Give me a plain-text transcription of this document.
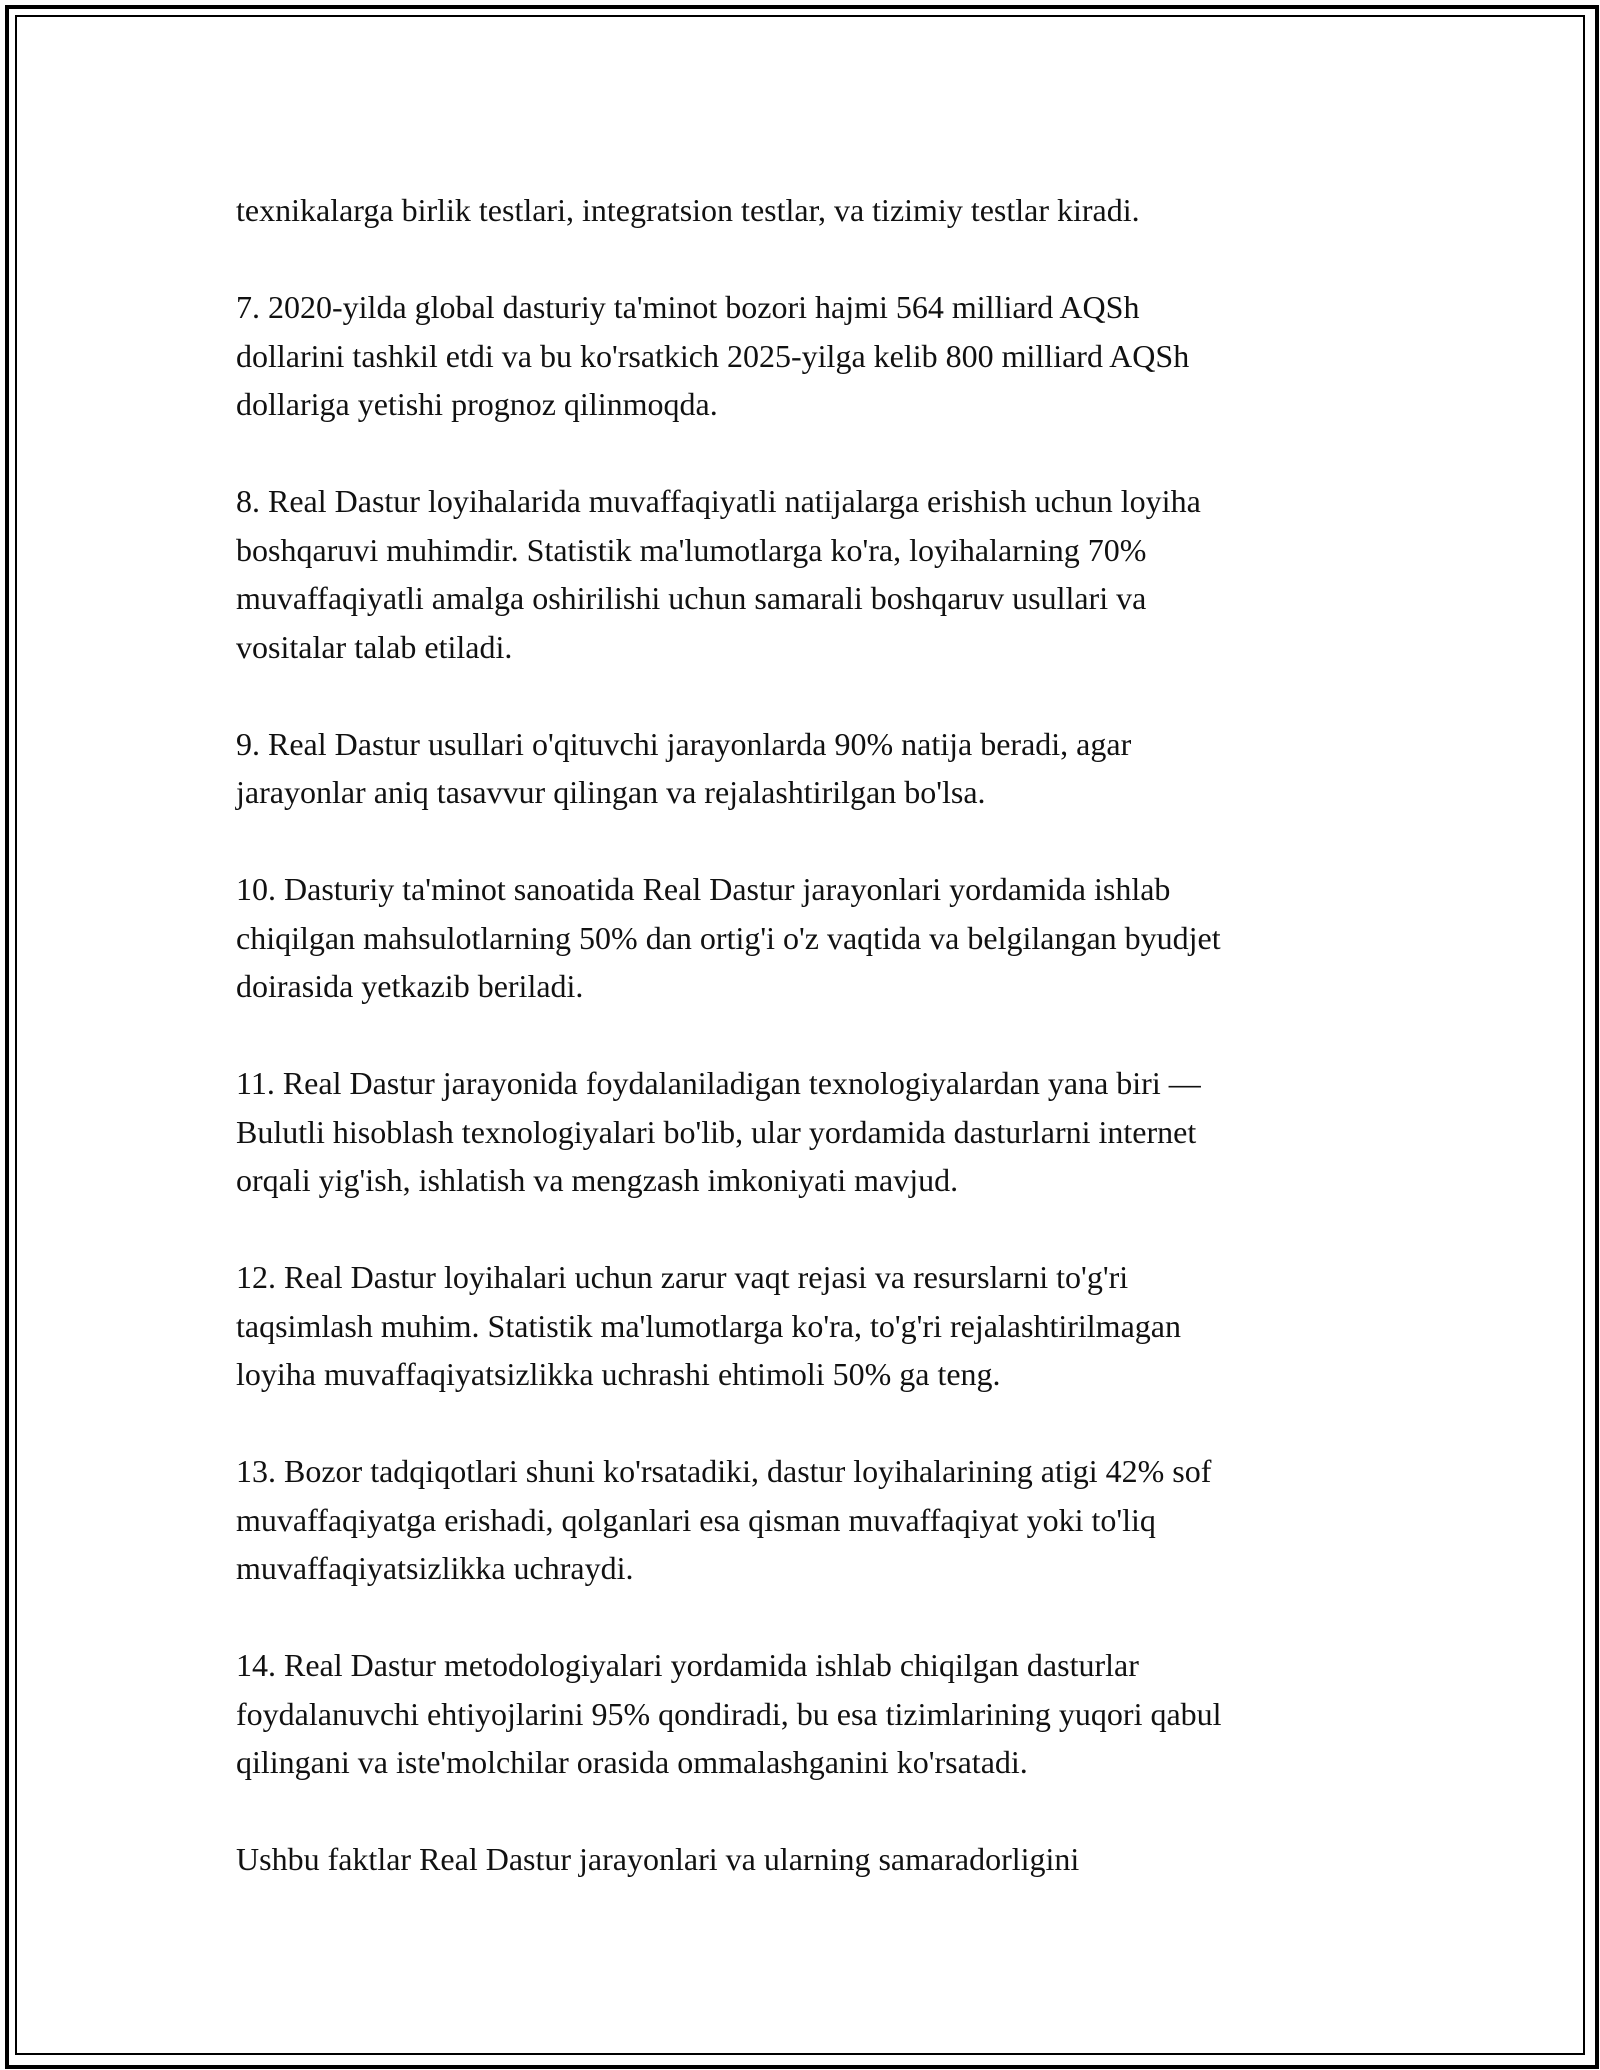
texnikalarga birlik testlari, integratsion testlar, va tizimiy testlar kiradi.

7. 2020-yilda global dasturiy ta'minot bozori hajmi 564 milliard AQSh
dollarini tashkil etdi va bu ko'rsatkich 2025-yilga kelib 800 milliard AQSh
dollariga yetishi prognoz qilinmoqda.

8. Real Dastur loyihalarida muvaffaqiyatli natijalarga erishish uchun loyiha
boshqaruvi muhimdir. Statistik ma'lumotlarga ko'ra, loyihalarning 70%
muvaffaqiyatli amalga oshirilishi uchun samarali boshqaruv usullari va
vositalar talab etiladi.

9. Real Dastur usullari o'qituvchi jarayonlarda 90% natija beradi, agar
jarayonlar aniq tasavvur qilingan va rejalashtirilgan bo'lsa.

10. Dasturiy ta'minot sanoatida Real Dastur jarayonlari yordamida ishlab
chiqilgan mahsulotlarning 50% dan ortig'i o'z vaqtida va belgilangan byudjet
doirasida yetkazib beriladi.

11. Real Dastur jarayonida foydalaniladigan texnologiyalardan yana biri —
Bulutli hisoblash texnologiyalari bo'lib, ular yordamida dasturlarni internet
orqali yig'ish, ishlatish va mengzash imkoniyati mavjud.

12. Real Dastur loyihalari uchun zarur vaqt rejasi va resurslarni to'g'ri
taqsimlash muhim. Statistik ma'lumotlarga ko'ra, to'g'ri rejalashtirilmagan
loyiha muvaffaqiyatsizlikka uchrashi ehtimoli 50% ga teng.

13. Bozor tadqiqotlari shuni ko'rsatadiki, dastur loyihalarining atigi 42% sof
muvaffaqiyatga erishadi, qolganlari esa qisman muvaffaqiyat yoki to'liq
muvaffaqiyatsizlikka uchraydi.

14. Real Dastur metodologiyalari yordamida ishlab chiqilgan dasturlar
foydalanuvchi ehtiyojlarini 95% qondiradi, bu esa tizimlarining yuqori qabul
qilingani va iste'molchilar orasida ommalashganini ko'rsatadi.

Ushbu faktlar Real Dastur jarayonlari va ularning samaradorligini
